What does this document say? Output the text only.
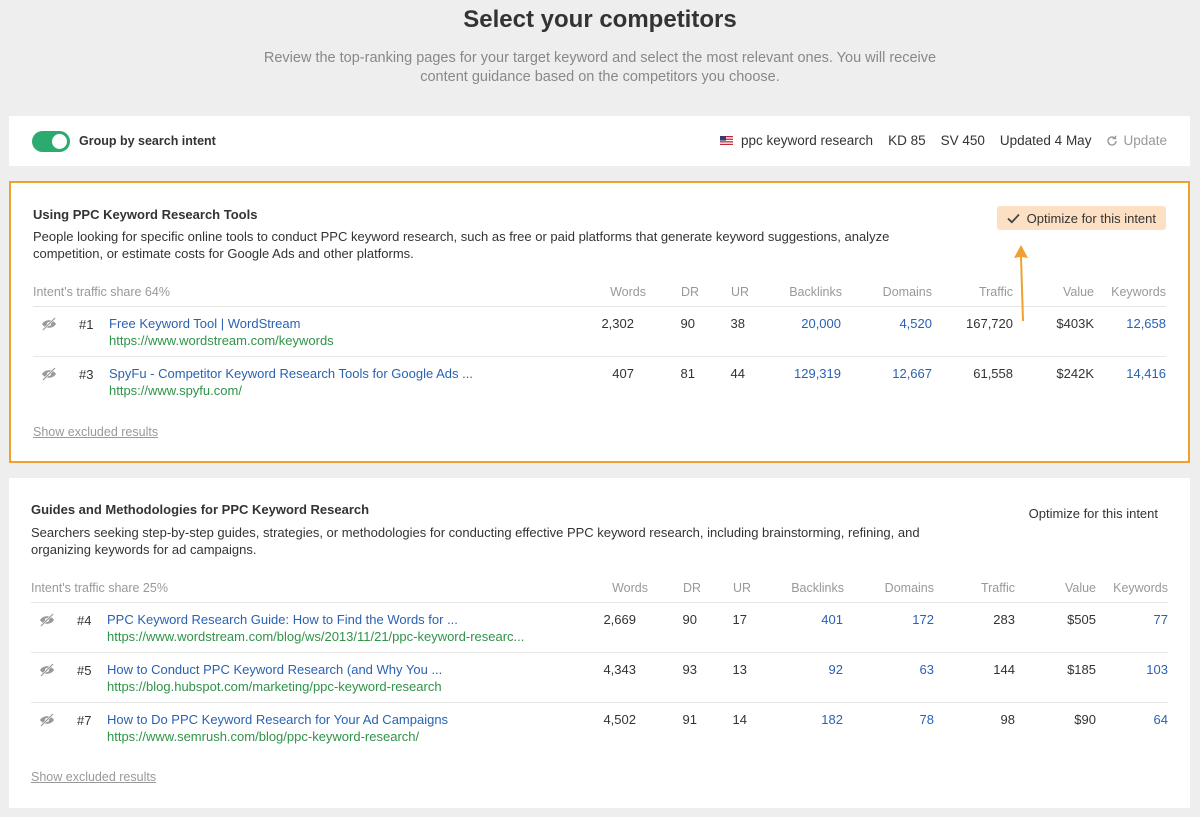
Select your competitors
Review the top-ranking pages for your target keyword and select the most relevant ones. You will receive content guidance based on the competitors you choose.
Group by search intent	ppc keyword research KD 85 SV 450 Updated 4 May Update
Using PPC Keyword Research Tools
People looking for specific online tools to conduct PPC keyword research, such as free or paid platforms that generate keyword suggestions, analyze competition, or estimate costs for Google Ads and other platforms.
Optimize for this intent
Intent's traffic share 64%	Words	DR	UR	Backlinks	Domains	Traffic	Value Keywords
#1 Free Keyword Tool | WordStream
https://www.wordstream.com/keywords
2,302	90	38	20,000	4,520	167,720	$403K 12,658
#3 SpyFu - Competitor Keyword Research Tools for Google Ads ...
https://www.spyfu.com/
407	81	44	129,319	12,667	61,558	$242K 14,416
Show excluded results
Guides and Methodologies for PPC Keyword Research
Searchers seeking step-by-step guides, strategies, or methodologies for conducting effective PPC keyword research, including brainstorming, refining, and organizing keywords for ad campaigns.
Optimize for this intent
Intent's traffic share 25%	Words	DR	UR	Backlinks	Domains	Traffic	Value Keywords
#4 PPC Keyword Research Guide: How to Find the Words for ...
https://www.wordstream.com/blog/ws/2013/11/21/ppc-keyword-researc...
2,669	90	17	401	172	283	$505	77
#5 How to Conduct PPC Keyword Research (and Why You ...
https://blog.hubspot.com/marketing/ppc-keyword-research
4,343	93	13	92	63	144	$185	103
#7 How to Do PPC Keyword Research for Your Ad Campaigns
https://www.semrush.com/blog/ppc-keyword-research/
4,502	91	14	182	78	98	$90	64
Show excluded results
